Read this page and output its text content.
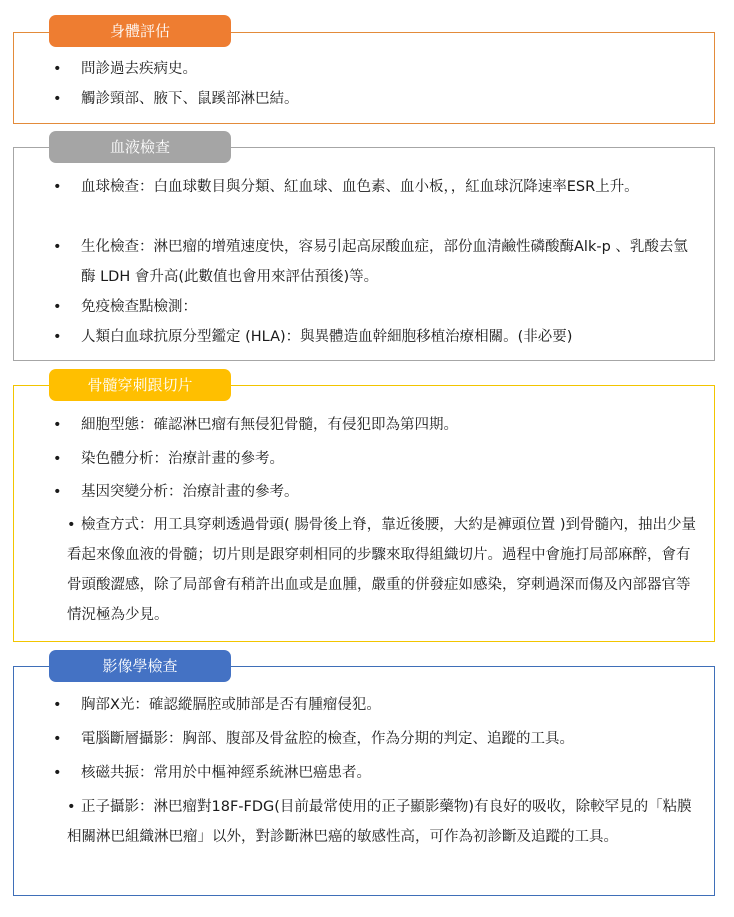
身體評估

• 問診過去疾病史。

• 觸診頸部、腋下、鼠蹊部淋巴結。

血液檢查

• 血球檢查：白血球數目與分類、紅血球、血色素、血小板，，紅血球沉降速率ESR上升。

• 生化檢查：淋巴瘤的增殖速度快，容易引起高尿酸血症，部份血清鹼性磷酸酶Alk-p 、乳酸去氫酶 LDH 會升高(此數值也會用來評估預後)等。

• 免疫檢查點檢測：

• 人類白血球抗原分型鑑定 (HLA)：與異體造血幹細胞移植治療相關。(非必要)

骨髓穿刺跟切片

• 細胞型態：確認淋巴瘤有無侵犯骨髓，有侵犯即為第四期。

• 染色體分析：治療計畫的參考。

• 基因突變分析：治療計畫的參考。

• 檢查方式：用工具穿刺透過骨頭( 腸骨後上脊，靠近後腰，大約是褲頭位置 )到骨髓內，抽出少量看起來像血液的骨髓；切片則是跟穿刺相同的步驟來取得組織切片。過程中會施打局部麻醉，會有骨頭酸澀感，除了局部會有稍許出血或是血腫，嚴重的併發症如感染，穿刺過深而傷及內部器官等情況極為少見。

影像學檢查

• 胸部X光：確認縱膈腔或肺部是否有腫瘤侵犯。

• 電腦斷層攝影：胸部、腹部及骨盆腔的檢查，作為分期的判定、追蹤的工具。

• 核磁共振：常用於中樞神經系統淋巴癌患者。

• 正子攝影：淋巴瘤對18F-FDG(目前最常使用的正子顯影藥物)有良好的吸收，除較罕見的「粘膜相關淋巴組織淋巴瘤」以外，對診斷淋巴癌的敏感性高，可作為初診斷及追蹤的工具。
